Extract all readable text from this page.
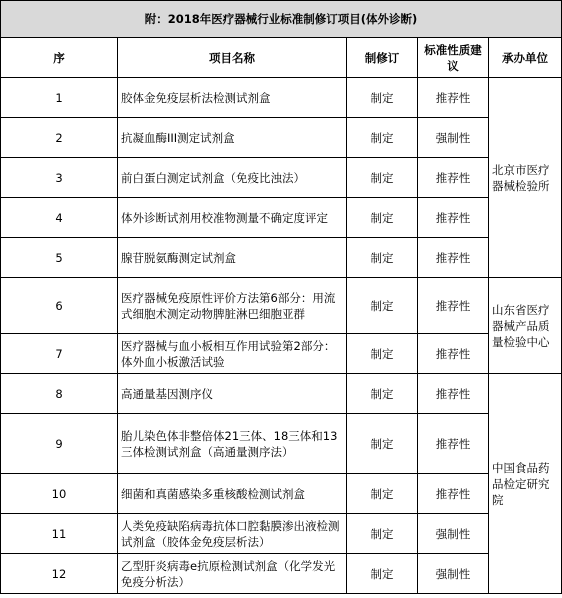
附：2018年医疗器械行业标准制修订项目(体外诊断)				
序	项目名称	制修订	标准性质建议	承办单位
1	胶体金免疫层析法检测试剂盒	制定	推荐性	北京市医疗器械检验所
2	抗凝血酶III测定试剂盒	制定	强制性	
3	前白蛋白测定试剂盒（免疫比浊法）	制定	推荐性	
4	体外诊断试剂用校准物测量不确定度评定	制定	推荐性	
5	腺苷脱氨酶测定试剂盒	制定	推荐性	
6	医疗器械免疫原性评价方法第6部分：用流式细胞术测定动物脾脏淋巴细胞亚群	制定	推荐性	山东省医疗器械产品质量检验中心
7	医疗器械与血小板相互作用试验第2部分：体外血小板激活试验	制定	推荐性	
8	高通量基因测序仪	制定	推荐性	中国食品药品检定研究院
9	胎儿染色体非整倍体21三体、18三体和13三体检测试剂盒（高通量测序法）	制定	推荐性	
10	细菌和真菌感染多重核酸检测试剂盒	制定	推荐性	
11	人类免疫缺陷病毒抗体口腔黏膜渗出液检测试剂盒（胶体金免疫层析法）	制定	强制性	
12	乙型肝炎病毒e抗原检测试剂盒（化学发光免疫分析法）	制定	强制性	
